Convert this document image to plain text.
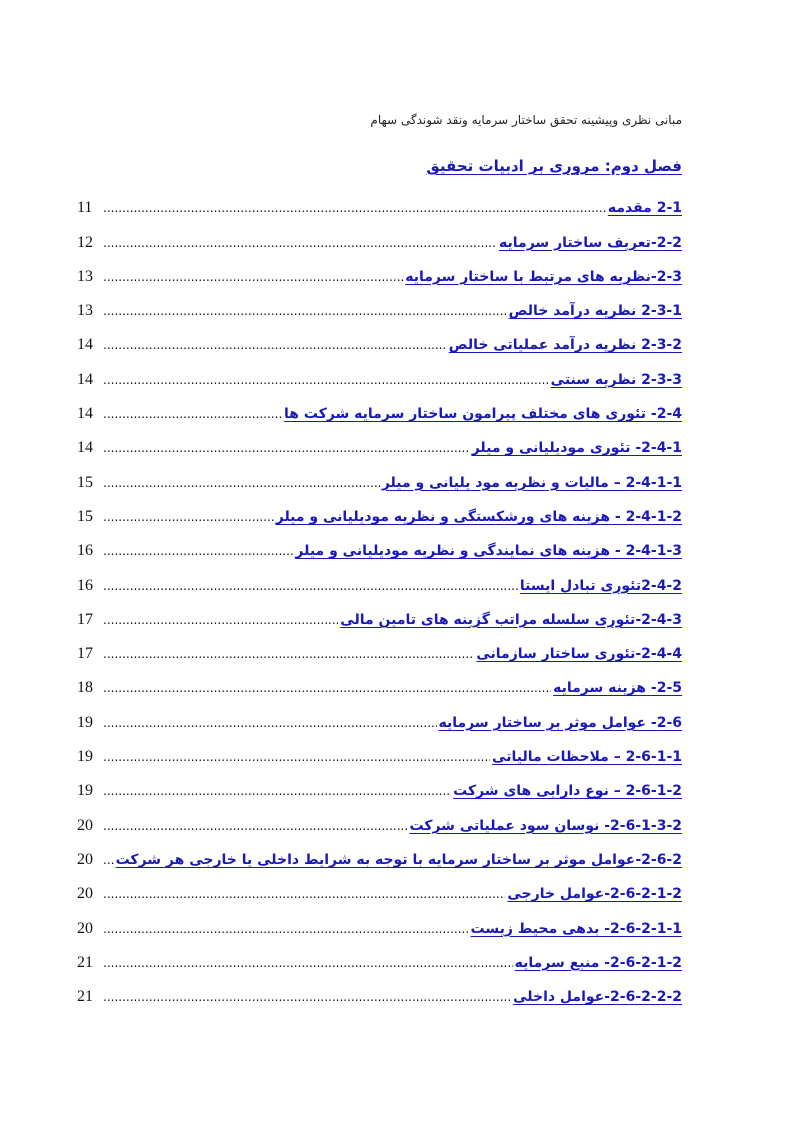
مبانی نظری وپیشینه تحقق ساختار سرمایه ونقد شوندگی سهام
فصل دوم: مروری بر ادبیات تحقیق
2-1 مقدمه
.....
11
2-2-تعریف ساختار سرمایه
.....
12
2-3-نظریه های مرتبط با ساختار سرمایه
.....
13
2-3-1 نظریه درآمد خالص
.....
13
2-3-2 نظریه درآمد عملیاتی خالص
.....
14
2-3-3 نظریه سنتی
.....
14
2-4- تئوری های مختلف پیرامون ساختار سرمایه شرکت ها
.....
14
2-4-1- تئوری مودیلیانی و میلر
.....
14
2-4-1-1 – مالیات و نظریه مود یلیانی و میلر
.....
15
2-4-1-2 - هزینه های ورشکستگی و نظریه مودیلیانی و میلر
.....
15
2-4-1-3 - هزینه های نمایندگی و نظریه مودیلیانی و میلر
.....
16
2-4-2تئوری تبادل ایستا
.....
16
2-4-3-تئوری سلسله مراتب گزینه های تامین مالی
.....
17
2-4-4-تئوری ساختار سازمانی
.....
17
2-5- هزینه سرمایه
.....
18
2-6- عوامل موثر بر ساختار سرمایه
.....
19
2-6-1-1 – ملاحظات مالیاتی
.....
19
2-6-1-2 – نوع دارایی های شرکت
.....
19
2-6-1-3-2- نوسان سود عملیاتی شرکت
.....
20
2-6-2-عوامل موثر بر ساختار سرمایه با توجه به شرایط داخلی یا خارجی هر شرکت
.....
20
2-6-2-1-2-عوامل خارجی
.....
20
2-6-2-1-1- بدهی محیط زیست
.....
20
2-6-2-1-2- منبع سرمایه
.....
21
2-6-2-2-2-عوامل داخلی
.....
21
